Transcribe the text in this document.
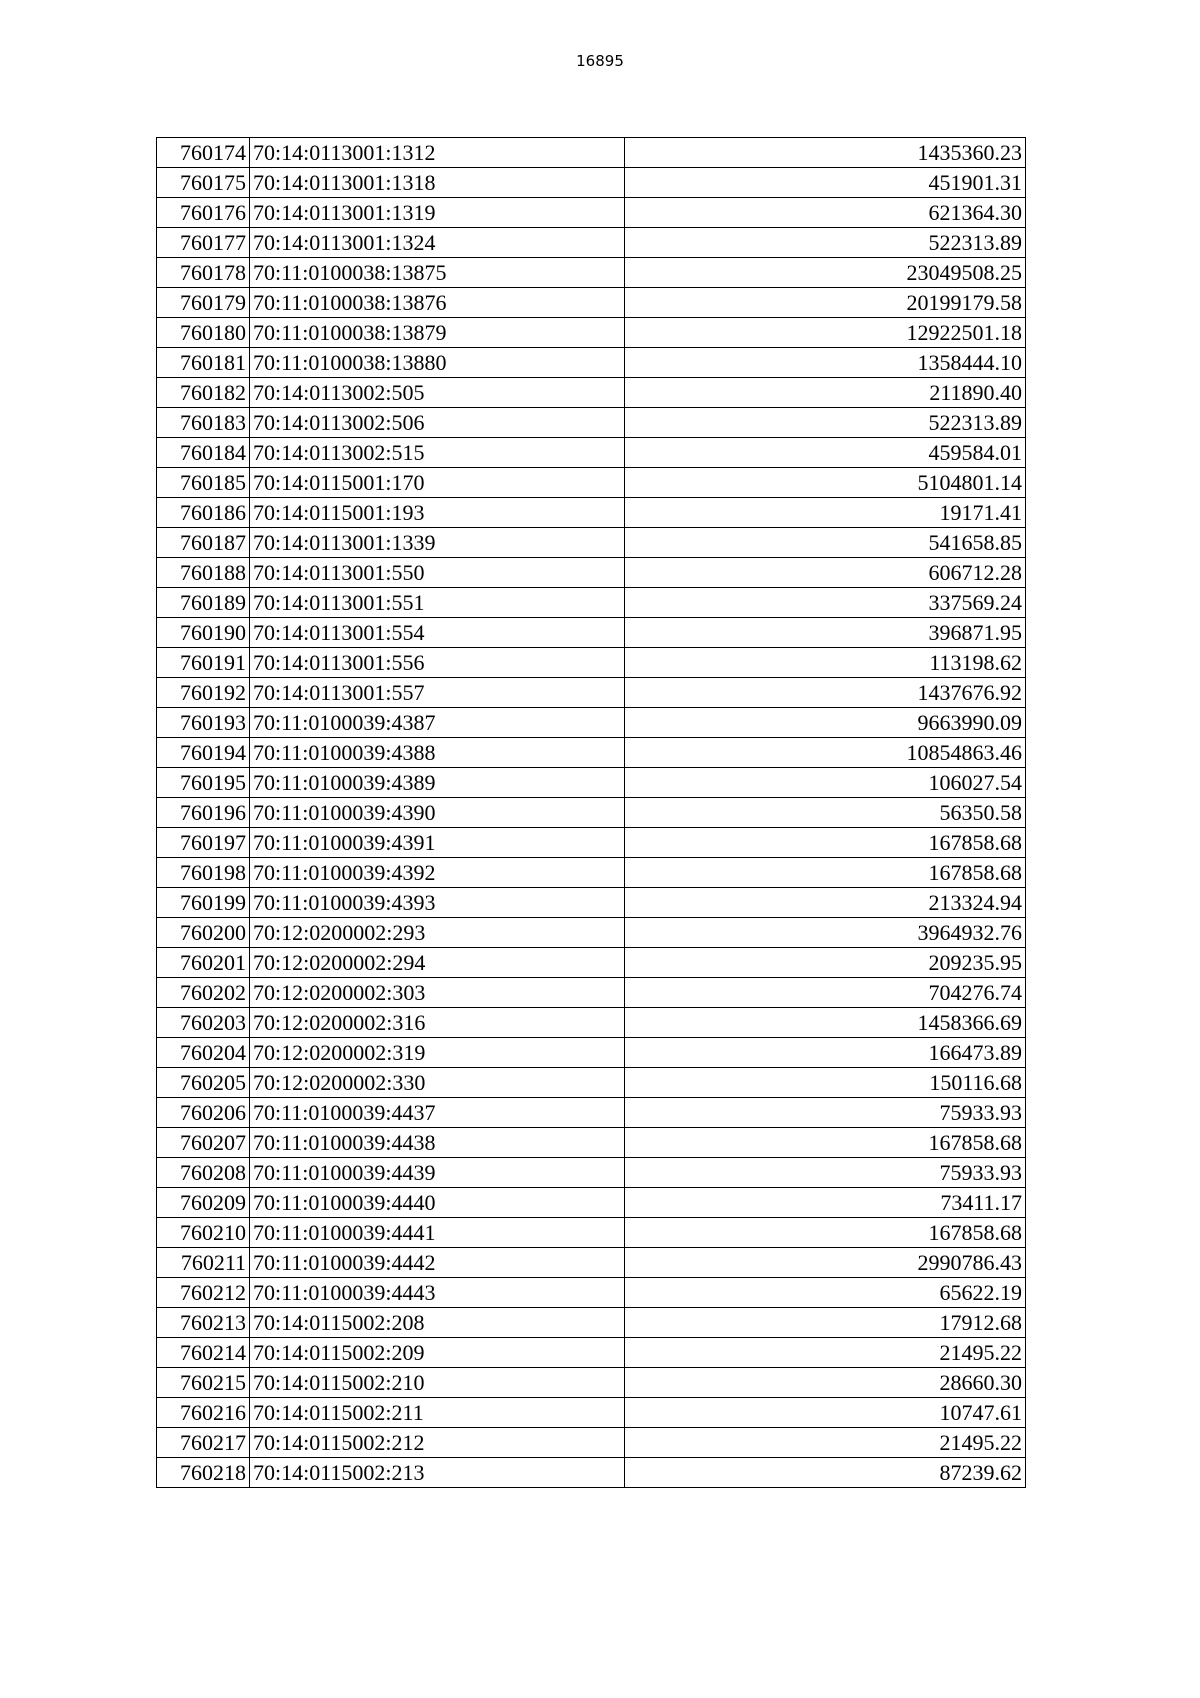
16895
760174	70:14:0113001:1312	1435360.23
760175	70:14:0113001:1318	451901.31
760176	70:14:0113001:1319	621364.30
760177	70:14:0113001:1324	522313.89
760178	70:11:0100038:13875	23049508.25
760179	70:11:0100038:13876	20199179.58
760180	70:11:0100038:13879	12922501.18
760181	70:11:0100038:13880	1358444.10
760182	70:14:0113002:505	211890.40
760183	70:14:0113002:506	522313.89
760184	70:14:0113002:515	459584.01
760185	70:14:0115001:170	5104801.14
760186	70:14:0115001:193	19171.41
760187	70:14:0113001:1339	541658.85
760188	70:14:0113001:550	606712.28
760189	70:14:0113001:551	337569.24
760190	70:14:0113001:554	396871.95
760191	70:14:0113001:556	113198.62
760192	70:14:0113001:557	1437676.92
760193	70:11:0100039:4387	9663990.09
760194	70:11:0100039:4388	10854863.46
760195	70:11:0100039:4389	106027.54
760196	70:11:0100039:4390	56350.58
760197	70:11:0100039:4391	167858.68
760198	70:11:0100039:4392	167858.68
760199	70:11:0100039:4393	213324.94
760200	70:12:0200002:293	3964932.76
760201	70:12:0200002:294	209235.95
760202	70:12:0200002:303	704276.74
760203	70:12:0200002:316	1458366.69
760204	70:12:0200002:319	166473.89
760205	70:12:0200002:330	150116.68
760206	70:11:0100039:4437	75933.93
760207	70:11:0100039:4438	167858.68
760208	70:11:0100039:4439	75933.93
760209	70:11:0100039:4440	73411.17
760210	70:11:0100039:4441	167858.68
760211	70:11:0100039:4442	2990786.43
760212	70:11:0100039:4443	65622.19
760213	70:14:0115002:208	17912.68
760214	70:14:0115002:209	21495.22
760215	70:14:0115002:210	28660.30
760216	70:14:0115002:211	10747.61
760217	70:14:0115002:212	21495.22
760218	70:14:0115002:213	87239.62
